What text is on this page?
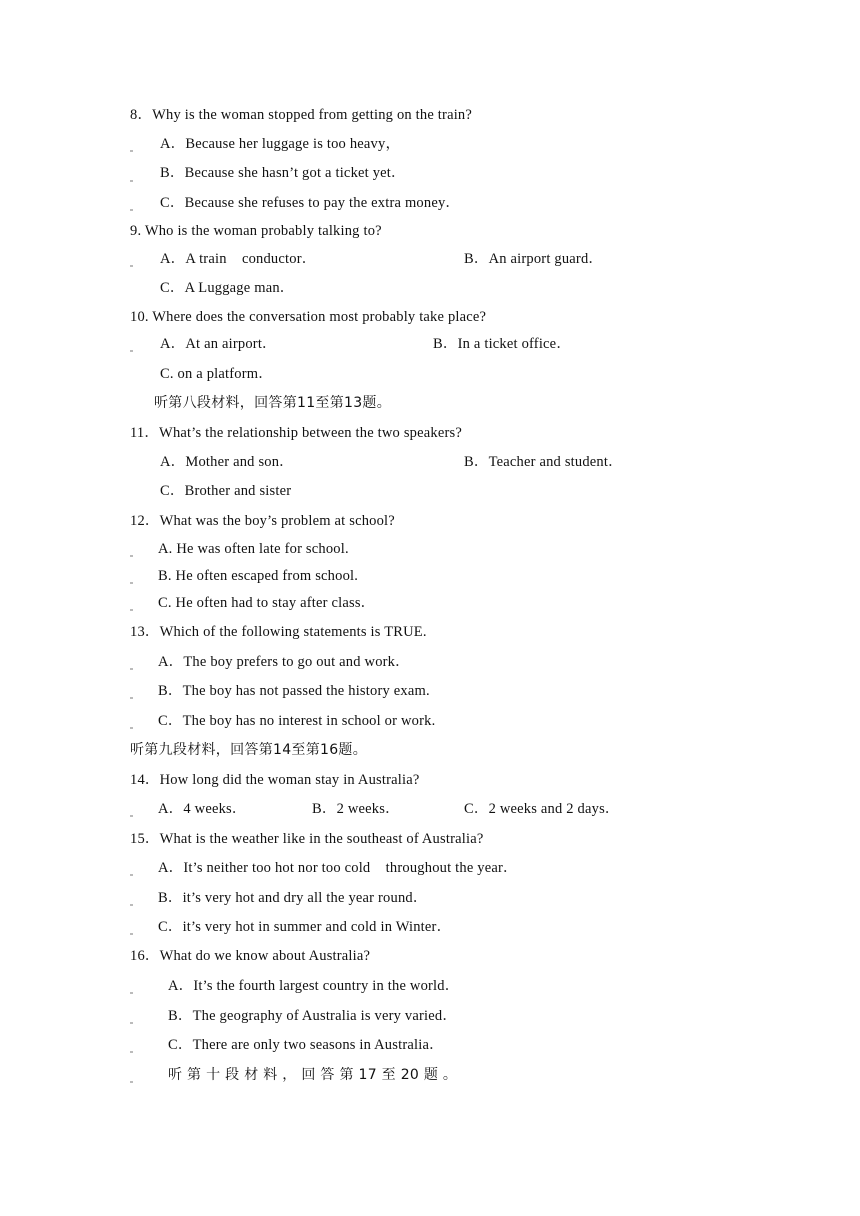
8．Why is the woman stopped from getting on the train?
A．Because her luggage is too heavy，
B．Because she hasn’t got a ticket yet．
C．Because she refuses to pay the extra money．
9. Who is the woman probably talking to?
A．A train    conductor．	B．An airport guard．
C．A Luggage man．
10. Where does the conversation most probably take place?
A．At an airport．	B．In a ticket office．
C. on a platform．
听第八段材料，回答第11至第13题。
11．What’s the relationship between the two speakers?
A．Mother and son．	B．Teacher and student．
C．Brother and sister
12．What was the boy’s problem at school?
A. He was often late for school.
B. He often escaped from school.
C. He often had to stay after class．
13．Which of the following statements is TRUE.
A．The boy prefers to go out and work．
B．The boy has not passed the history exam.
C．The boy has no interest in school or work.
听第九段材料，回答第14至第16题。
14．How long did the woman stay in Australia?
A．4 weeks．	B．2 weeks．	C．2 weeks and 2 days．
15．What is the weather like in the southeast of Australia?
A．It’s neither too hot nor too cold    throughout the year．
B．it’s very hot and dry all the year round．
C．it’s very hot in summer and cold in Winter．
16．What do we know about Australia?
A．It’s the fourth largest country in the world．
B．The geography of Australia is very varied．
C．There are only two seasons in Australia．
听 第 十 段 材 料 ， 回 答 第 17 至 20 题 。
